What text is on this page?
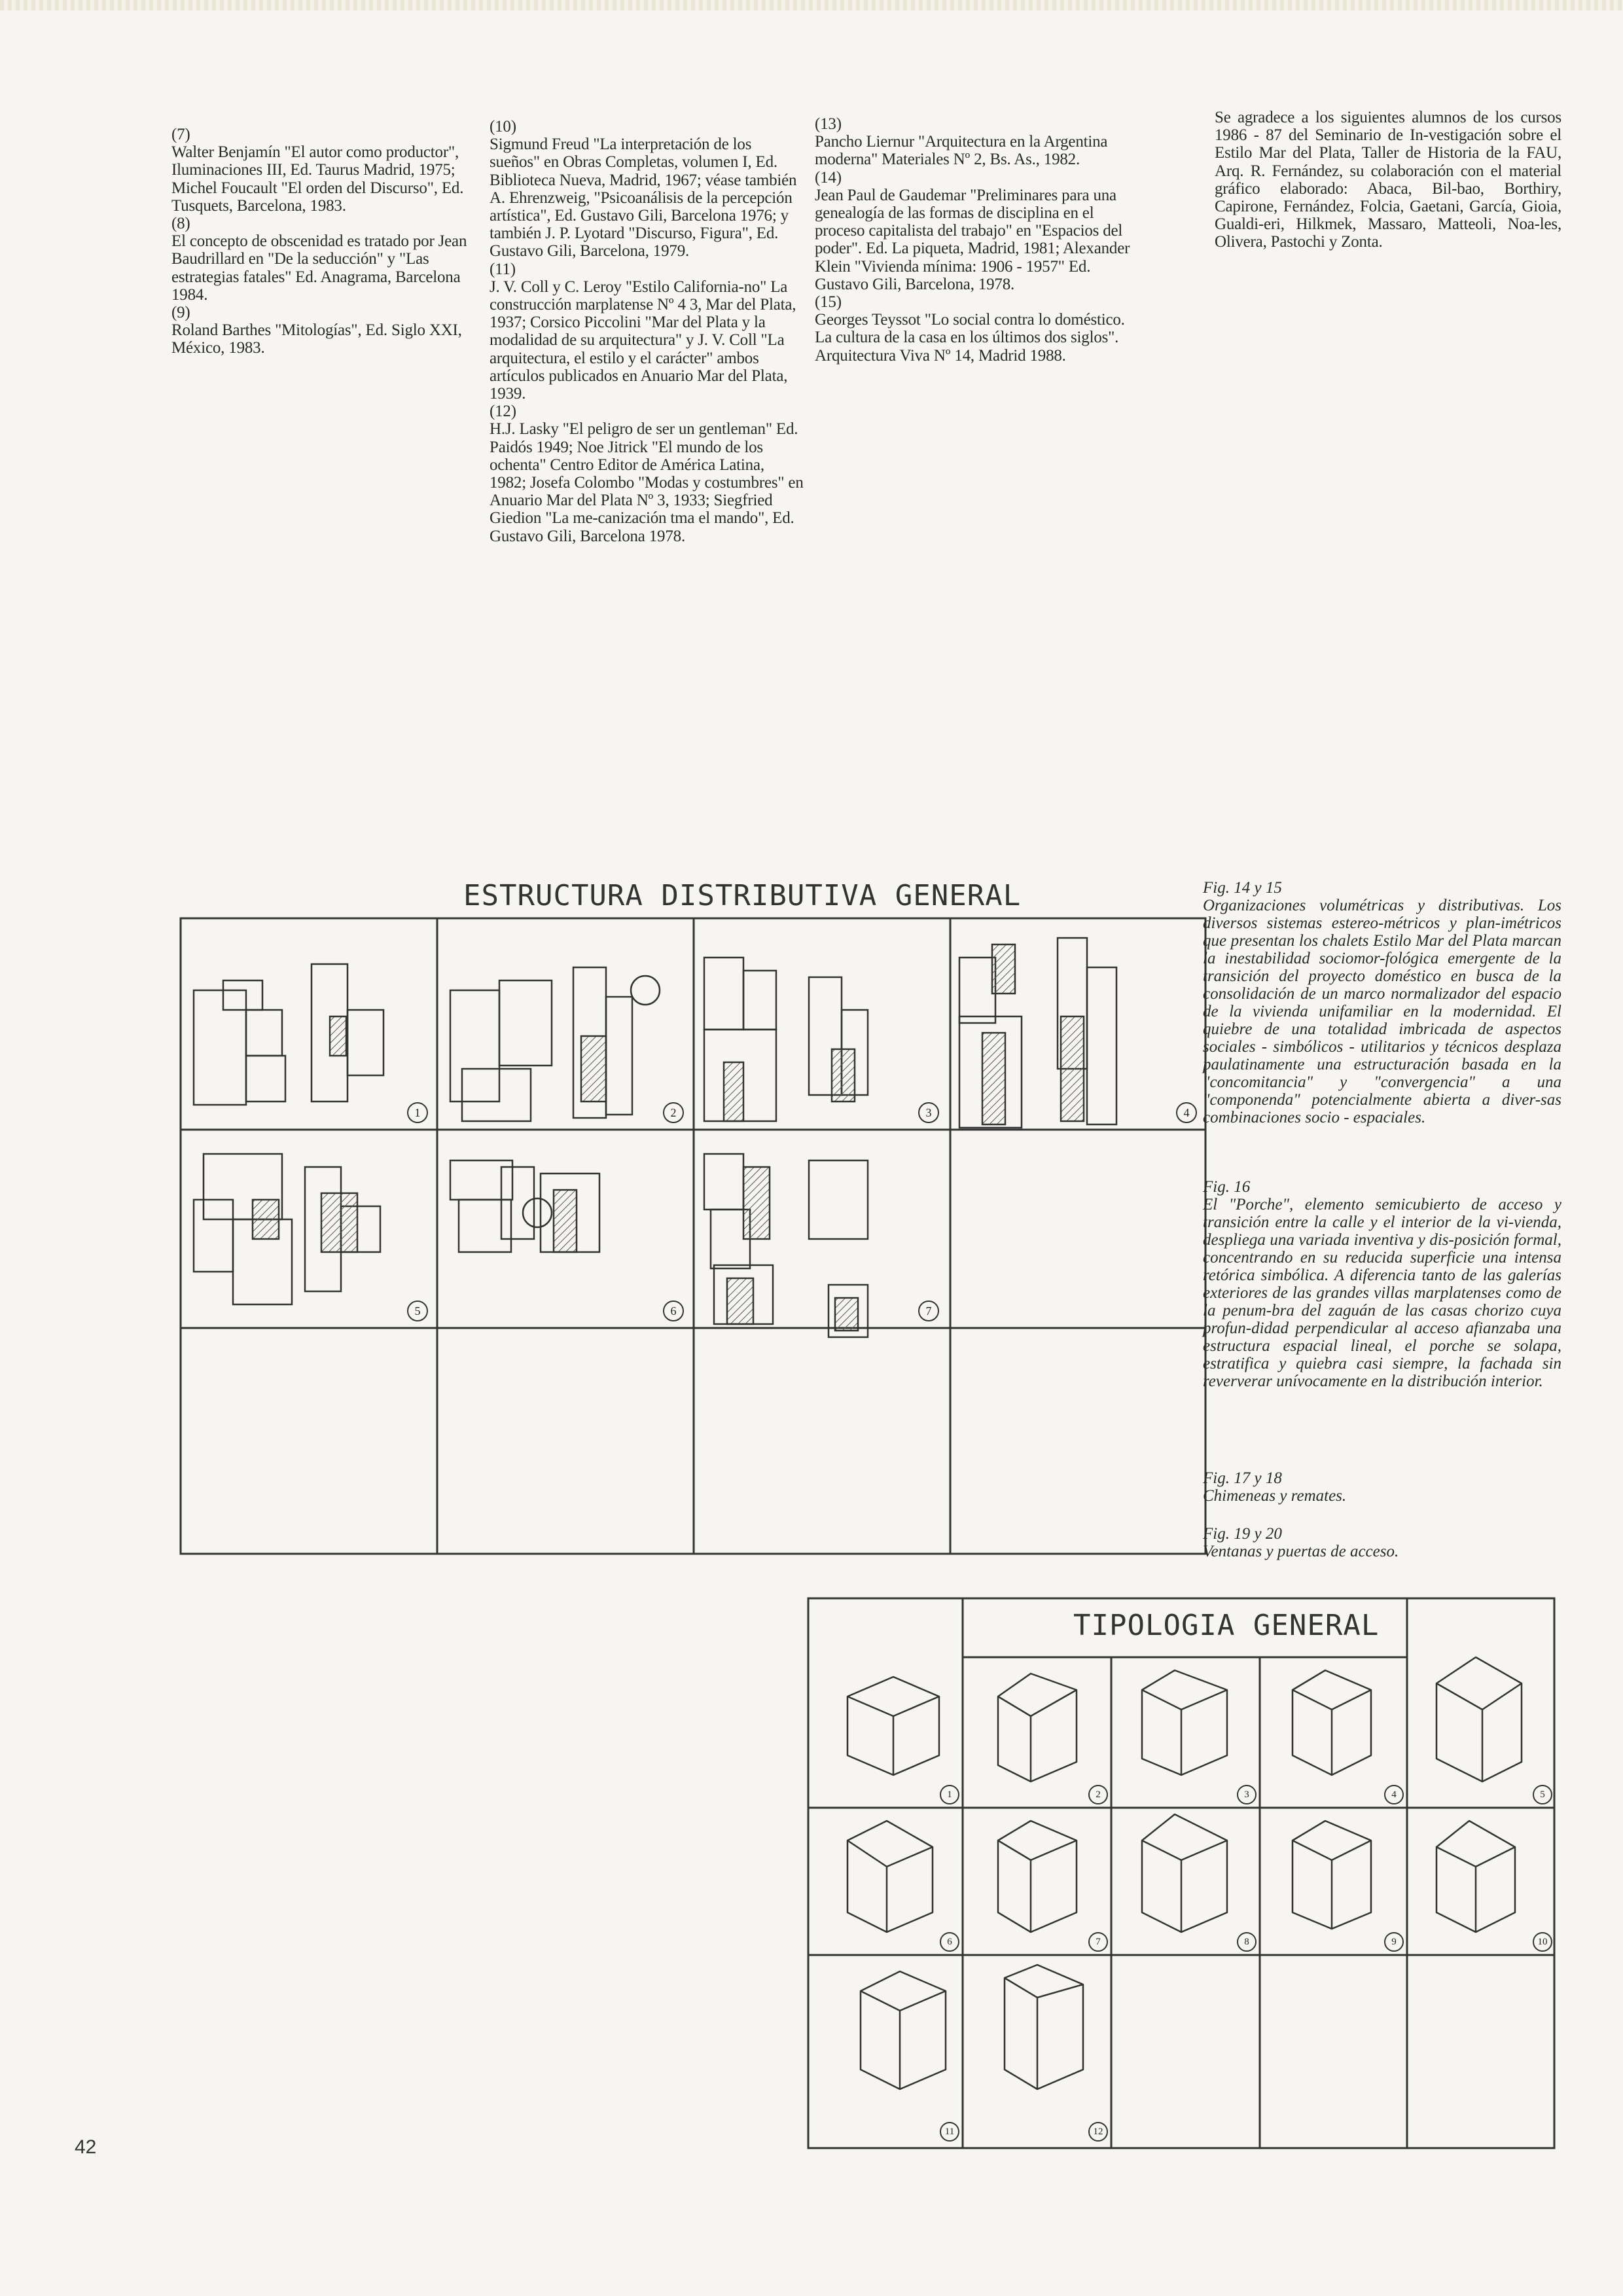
(7)
Walter Benjamín "El autor como productor", Iluminaciones III, Ed. Taurus Madrid, 1975; Michel Foucault "El orden del Discurso", Ed. Tusquets, Barcelona, 1983.
(8)
El concepto de obscenidad es tratado por Jean Baudrillard en "De la seducción" y "Las estrategias fatales" Ed. Anagrama, Barcelona 1984.
(9)
Roland Barthes "Mitologías", Ed. Siglo XXI, México, 1983.
(10)
Sigmund Freud "La interpretación de los sueños" en Obras Completas, volumen I, Ed. Biblioteca Nueva, Madrid, 1967; véase también A. Ehrenzweig, "Psicoanálisis de la percepción artística", Ed. Gustavo Gili, Barcelona 1976; y también J. P. Lyotard "Discurso, Figura", Ed. Gustavo Gili, Barcelona, 1979.
(11)
J. V. Coll y C. Leroy "Estilo California-no" La construcción marplatense Nº 4 3, Mar del Plata, 1937; Corsico Piccolini "Mar del Plata y la modalidad de su arquitectura" y J. V. Coll "La arquitectura, el estilo y el carácter" ambos artículos publicados en Anuario Mar del Plata, 1939.
(12)
H.J. Lasky "El peligro de ser un gentleman" Ed. Paidós 1949; Noe Jitrick "El mundo de los ochenta" Centro Editor de América Latina, 1982; Josefa Colombo "Modas y costumbres" en Anuario Mar del Plata Nº 3, 1933; Siegfried Giedion "La me-canización tma el mando", Ed. Gustavo Gili, Barcelona 1978.
(13)
Pancho Liernur "Arquitectura en la Argentina moderna" Materiales Nº 2, Bs. As., 1982.
(14)
Jean Paul de Gaudemar "Preliminares para una genealogía de las formas de disciplina en el proceso capitalista del trabajo" en "Espacios del poder". Ed. La piqueta, Madrid, 1981; Alexander Klein "Vivienda mínima: 1906 - 1957" Ed. Gustavo Gili, Barcelona, 1978.
(15)
Georges Teyssot "Lo social contra lo doméstico. La cultura de la casa en los últimos dos siglos". Arquitectura Viva Nº 14, Madrid 1988.
Se agradece a los siguientes alumnos de los cursos 1986 - 87 del Seminario de In-vestigación sobre el Estilo Mar del Plata, Taller de Historia de la FAU, Arq. R. Fernández, su colaboración con el material gráfico elaborado: Abaca, Bil-bao, Borthiry, Capirone, Fernández, Folcia, Gaetani, García, Gioia, Gualdi-eri, Hilkmek, Massaro, Matteoli, Noa-les, Olivera, Pastochi y Zonta.
ESTRUCTURA DISTRIBUTIVA GENERAL
1	2	3	4
5	6	7
Fig. 14 y 15
Organizaciones volumétricas y distributivas. Los diversos sistemas estereo-métricos y plan-imétricos que presentan los chalets Estilo Mar del Plata marcan la inestabilidad sociomor-fológica emergente de la transición del proyecto doméstico en busca de la consolidación de un marco normalizador del espacio de la vivienda unifamiliar en la modernidad. El quiebre de una totalidad imbricada de aspectos sociales - simbólicos - utilitarios y técnicos desplaza paulatinamente una estructuración basada en la "concomitancia" y "convergencia" a una "componenda" potencialmente abierta a diver-sas combinaciones socio - espaciales.
Fig. 16
El "Porche", elemento semicubierto de acceso y transición entre la calle y el interior de la vi-vienda, despliega una variada inventiva y dis-posición formal, concentrando en su reducida superficie una intensa retórica simbólica. A diferencia tanto de las galerías exteriores de las grandes villas marplatenses como de la penum-bra del zaguán de las casas chorizo cuya profun-didad perpendicular al acceso afianzaba una estructura espacial lineal, el porche se solapa, estratifica y quiebra casi siempre, la fachada sin reververar unívocamente en la distribución interior.
Fig. 17 y 18
Chimeneas y remates.
Fig. 19 y 20
Ventanas y puertas de acceso.
1	2	3	4	5
6	7	8	9	10
11	12
TIPOLOGIA GENERAL
42
